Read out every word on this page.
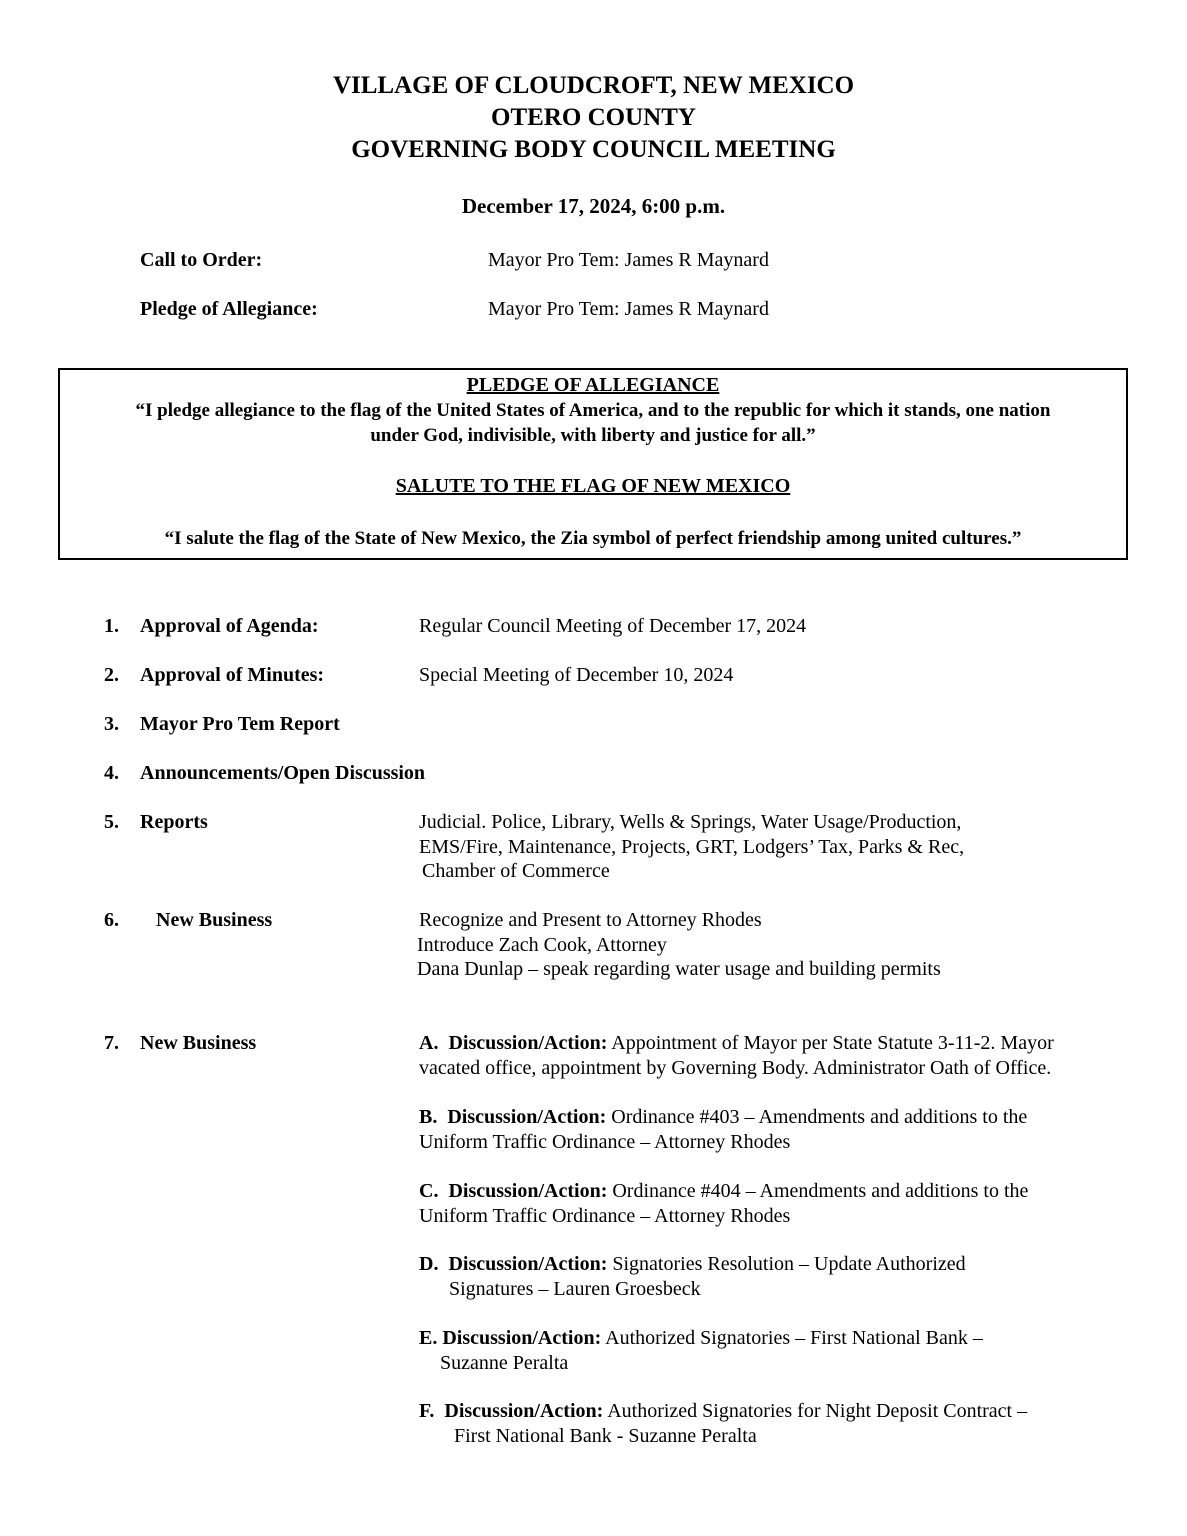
VILLAGE OF CLOUDCROFT, NEW MEXICO
OTERO COUNTY
GOVERNING BODY COUNCIL MEETING
December 17, 2024, 6:00 p.m.
Call to Order:	Mayor Pro Tem: James R Maynard
Pledge of Allegiance:	Mayor Pro Tem: James R Maynard
PLEDGE OF ALLEGIANCE
“I pledge allegiance to the flag of the United States of America, and to the republic for which it stands, one nation
under God, indivisible, with liberty and justice for all.”
SALUTE TO THE FLAG OF NEW MEXICO
“I salute the flag of the State of New Mexico, the Zia symbol of perfect friendship among united cultures.”
1. Approval of Agenda:	Regular Council Meeting of December 17, 2024
2. Approval of Minutes:	Special Meeting of December 10, 2024
3. Mayor Pro Tem Report
4. Announcements/Open Discussion
5. Reports	Judicial. Police, Library, Wells & Springs, Water Usage/Production,
EMS/Fire, Maintenance, Projects, GRT, Lodgers’ Tax, Parks & Rec,
Chamber of Commerce
6. New Business	Recognize and Present to Attorney Rhodes
Introduce Zach Cook, Attorney
Dana Dunlap – speak regarding water usage and building permits
7. New Business	A. Discussion/Action: Appointment of Mayor per State Statute 3-11-2. Mayor
vacated office, appointment by Governing Body. Administrator Oath of Office.
B. Discussion/Action: Ordinance #403 – Amendments and additions to the
Uniform Traffic Ordinance – Attorney Rhodes
C. Discussion/Action: Ordinance #404 – Amendments and additions to the
Uniform Traffic Ordinance – Attorney Rhodes
D. Discussion/Action: Signatories Resolution – Update Authorized
Signatures – Lauren Groesbeck
E. Discussion/Action: Authorized Signatories – First National Bank –
Suzanne Peralta
F. Discussion/Action: Authorized Signatories for Night Deposit Contract –
First National Bank - Suzanne Peralta
